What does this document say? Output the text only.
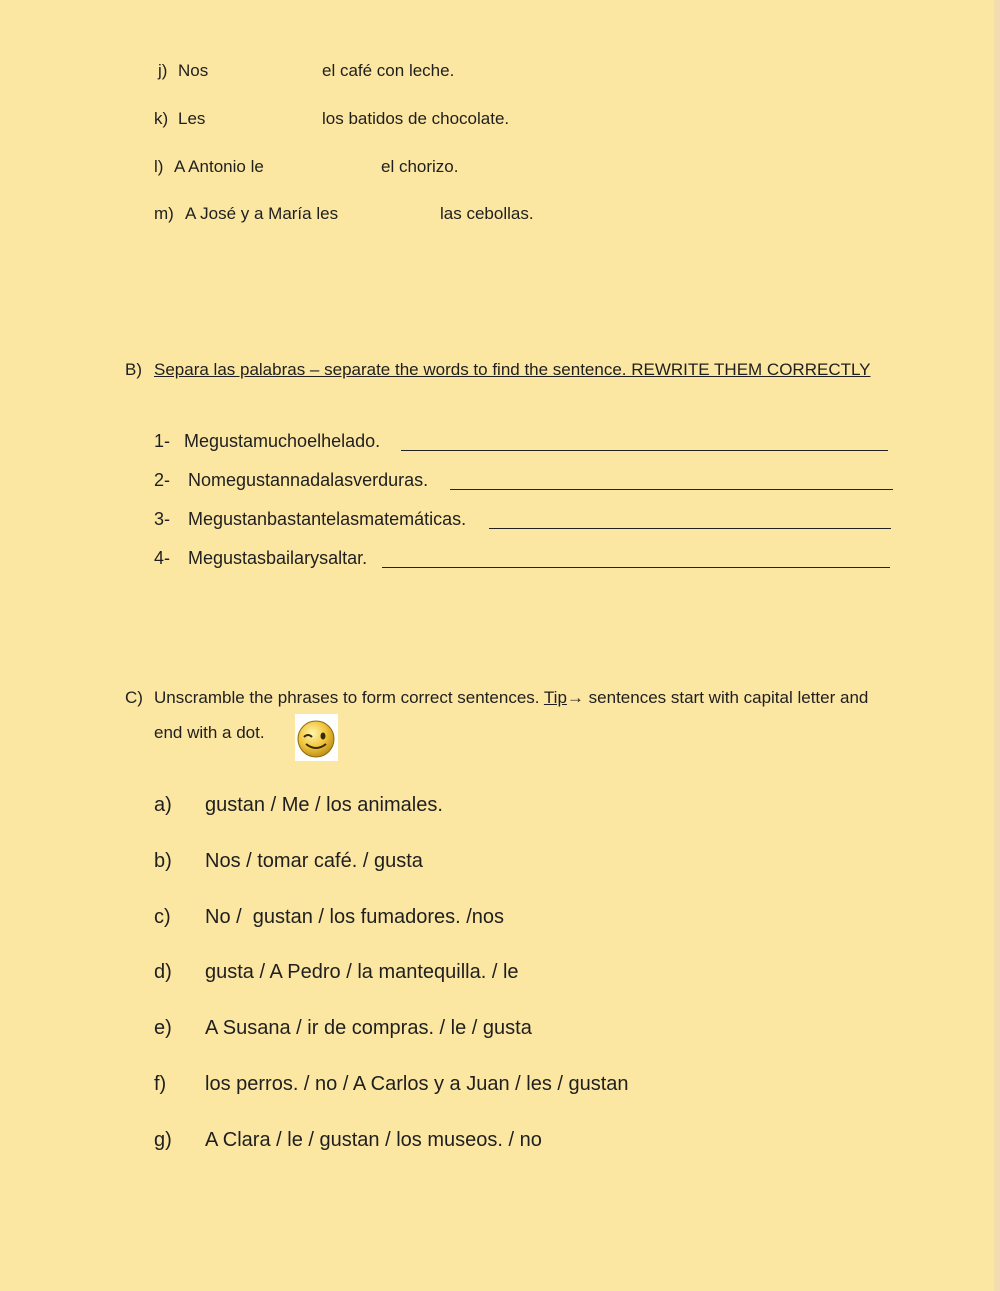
j) Nos	el café con leche.
k) Les	los batidos de chocolate.
l) A Antonio le	el chorizo.
m) A José y a María les	las cebollas.
B) Separa las palabras – separate the words to find the sentence. REWRITE THEM CORRECTLY
1- Megustamuchoelhelado.
2- Nomegustannadalasverduras.
3- Megustanbastantelasmatemáticas.
4- Megustasbailarysaltar.
C) Unscramble the phrases to form correct sentences. Tip→ sentences start with capital letter and
end with a dot.
a) gustan / Me / los animales.
b) Nos / tomar café. / gusta
c) No /  gustan / los fumadores. /nos
d) gusta / A Pedro / la mantequilla. / le
e) A Susana / ir de compras. / le / gusta
f) los perros. / no / A Carlos y a Juan / les / gustan
g) A Clara / le / gustan / los museos. / no
